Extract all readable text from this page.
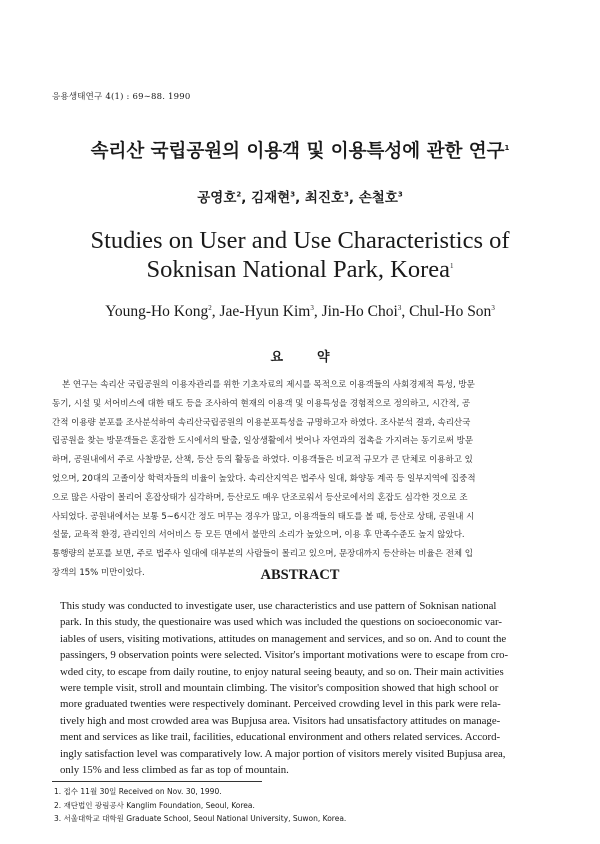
응용생태연구 4(1) : 69∼88. 1990
속리산 국립공원의 이용객 및 이용특성에 관한 연구$^1$
공영호$^2$, 김재현$^3$, 최진호$^3$, 손철호$^3$
Studies on User and Use Characteristics of
Soknisan National Park, Korea$^1$
Young-Ho Kong$^2$, Jae-Hyun Kim$^3$, Jin-Ho Choi$^3$, Chul-Ho Son$^3$
요약
본 연구는 속리산 국립공원의 이용자관리를 위한 기초자료의 제시를 목적으로 이용객들의 사회경제적 특성, 방문
동기, 시설 및 서어비스에 대한 태도 등을 조사하여 현재의 이용객 및 이용특성을 경험적으로 정의하고, 시간적, 공
간적 이용량 분포를 조사분석하여 속리산국립공원의 이용분포특성을 규명하고자 하였다. 조사분석 결과, 속리산국
립공원을 찾는 방문객들은 혼잡한 도시에서의 탈출, 일상생활에서 벗어나 자연과의 접촉을 가지려는 동기로써 방문
하며, 공원내에서 주로 사찰방문, 산책, 등산 등의 활동을 하였다. 이용객들은 비교적 규모가 큰 단체로 이용하고 있
었으며, 20대의 고졸이상 학력자들의 비율이 높았다. 속리산지역은 법주사 일대, 화양동 계곡 등 일부지역에 집중적
으로 많은 사람이 몰리어 혼잡상태가 심각하며, 등산로도 매우 단조로워서 등산로에서의 혼잡도 심각한 것으로 조
사되었다. 공원내에서는 보통 5∼6시간 정도 머무는 경우가 많고, 이용객들의 태도를 볼 때, 등산로 상태, 공원내 시
설물, 교육적 환경, 관리인의 서어비스 등 모든 면에서 불만의 소리가 높았으며, 이용 후 만족수준도 높지 않았다.
통행량의 분포를 보면, 주로 법주사 일대에 대부분의 사람들이 몰리고 있으며, 문장대까지 등산하는 비율은 전체 입
장객의 15% 미만이었다.	ABSTRACT
This study was conducted to investigate user, use characteristics and use pattern of Soknisan national
park. In this study, the questionaire was used which was included the questions on socioeconomic var-
iables of users, visiting motivations, attitudes on management and services, and so on. And to count the
passingers, 9 observation points were selected. Visitor's important motivations were to escape from cro-
wded city, to escape from daily routine, to enjoy natural seeing beauty, and so on. Their main activities
were temple visit, stroll and mountain climbing. The visitor's composition showed that high school or
more graduated twenties were respectively dominant. Perceived crowding level in this park were rela-
tively high and most crowded area was Bupjusa area. Visitors had unsatisfactory attitudes on manage-
ment and services as like trail, facilities, educational environment and others related services. Accord-
ingly satisfaction level was comparatively low. A major portion of visitors merely visited Bupjusa area,
only 15% and less climbed as far as top of mountain.
1. 접수 11월 30일 Received on Nov. 30, 1990.
2. 재단법인 광림공사 Kanglim Foundation, Seoul, Korea.
3. 서울대학교 대학원 Graduate School, Seoul National University, Suwon, Korea.
